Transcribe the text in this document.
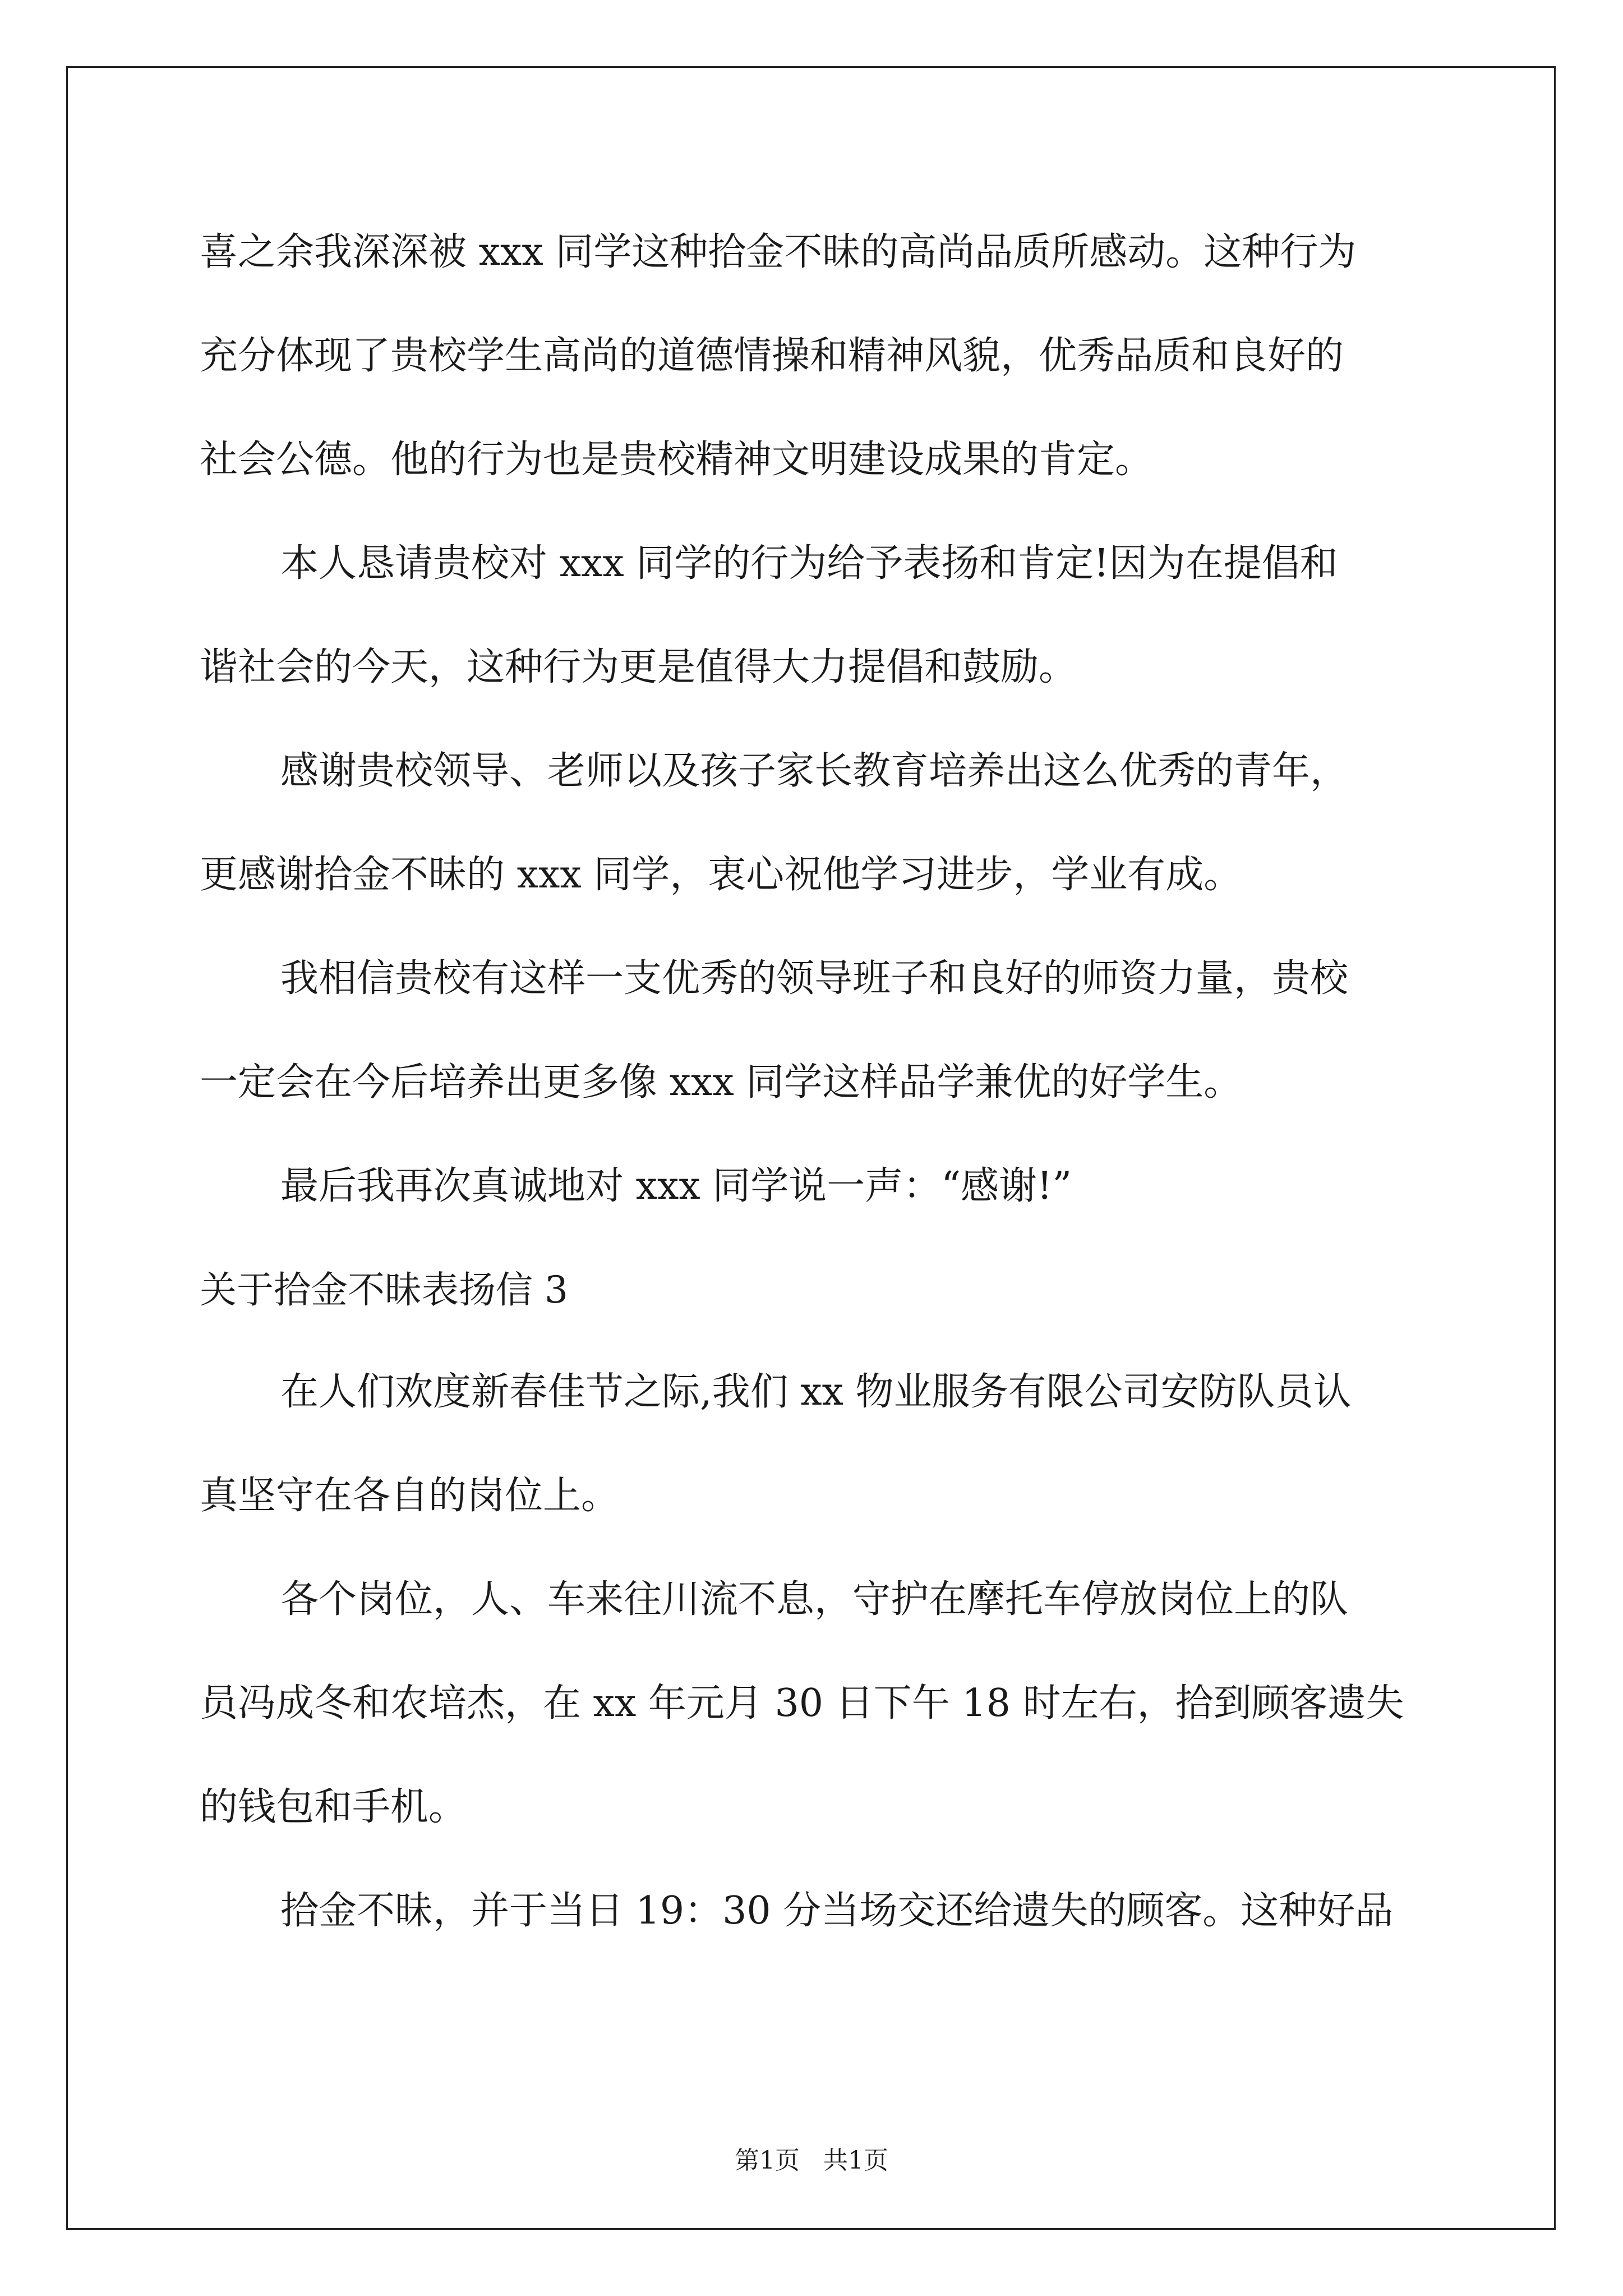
喜之余我深深被 xxx 同学这种拾金不昧的高尚品质所感动。这种行为
充分体现了贵校学生高尚的道德情操和精神风貌，优秀品质和良好的
社会公德。他的行为也是贵校精神文明建设成果的肯定。
本人恳请贵校对 xxx 同学的行为给予表扬和肯定!因为在提倡和
谐社会的今天，这种行为更是值得大力提倡和鼓励。
感谢贵校领导、老师以及孩子家长教育培养出这么优秀的青年，
更感谢拾金不昧的 xxx 同学，衷心祝他学习进步，学业有成。
我相信贵校有这样一支优秀的领导班子和良好的师资力量，贵校
一定会在今后培养出更多像 xxx 同学这样品学兼优的好学生。
最后我再次真诚地对 xxx 同学说一声：“感谢!”
关于拾金不昧表扬信 3
在人们欢度新春佳节之际,我们 xx 物业服务有限公司安防队员认
真坚守在各自的岗位上。
各个岗位，人、车来往川流不息，守护在摩托车停放岗位上的队
员冯成冬和农培杰，在 xx 年元月 30 日下午 18 时左右，拾到顾客遗失
的钱包和手机。
拾金不昧，并于当日 19：30 分当场交还给遗失的顾客。这种好品
第1页   共1页
